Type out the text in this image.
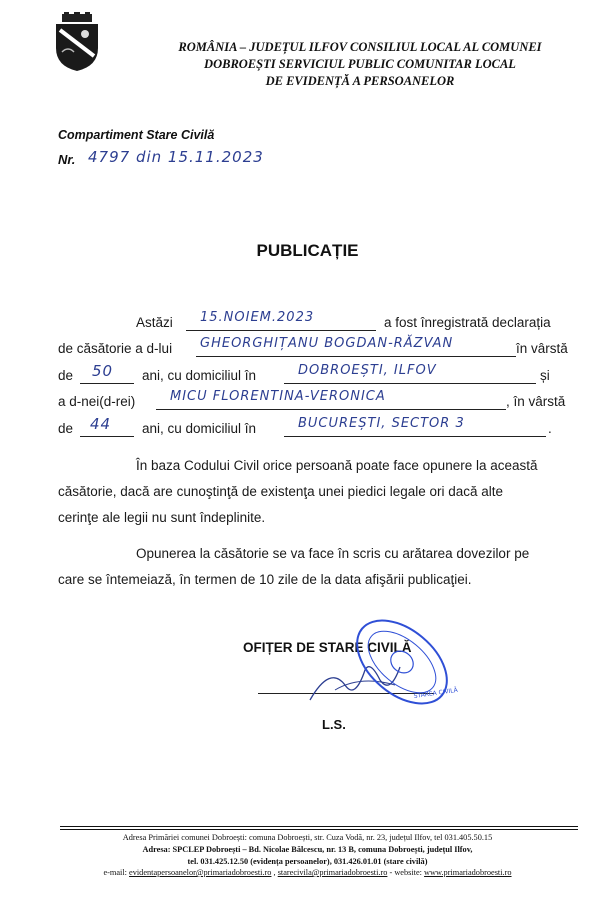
ROMÂNIA – JUDEȚUL ILFOV CONSILIUL LOCAL AL COMUNEI
DOBROEȘTI SERVICIUL PUBLIC COMUNITAR LOCAL
DE EVIDENȚĂ A PERSOANELOR
Compartiment Stare Civilă
Nr. 4797 din 15.11.2023
PUBLICAȚIE
Astăzi 15.NOIEM.2023	a fost înregistrată declarația
de căsătorie a d-lui GHEORGHIȚANU BOGDAN-RĂZVAN	în vârstă
de 50 ani, cu domiciliul în	DOBROEȘTI, ILFOV	și
a d-nei(d-rei)	MICU FLORENTINA-VERONICA	, în vârstă
de 44 ani, cu domiciliul în	BUCUREȘTI, SECTOR 3	.
În baza Codului Civil orice persoană poate face opunere la această
căsătorie, dacă are cunoştinţă de existenţa unei piedici legale ori dacă alte
cerinţe ale legii nu sunt îndeplinite.
Opunerea la căsătorie se va face în scris cu arătarea dovezilor pe
care se întemeiază, în termen de 10 zile de la data afişării publicaţiei.
OFIȚER DE STARE CIVILĂ
L.S.
STAREA CIVILĂ
Adresa Primăriei comunei Dobroești: comuna Dobroești, str. Cuza Vodă, nr. 23, județul Ilfov, tel 031.405.50.15
Adresa: SPCLEP Dobroești – Bd. Nicolae Bălcescu, nr. 13 B, comuna Dobroești, județul Ilfov,
tel. 031.425.12.50 (evidența persoanelor), 031.426.01.01 (stare civilă)
e-mail: evidentapersoanelor@primariadobroesti.ro , starecivila@primariadobroesti.ro - website: www.primariadobroesti.ro
